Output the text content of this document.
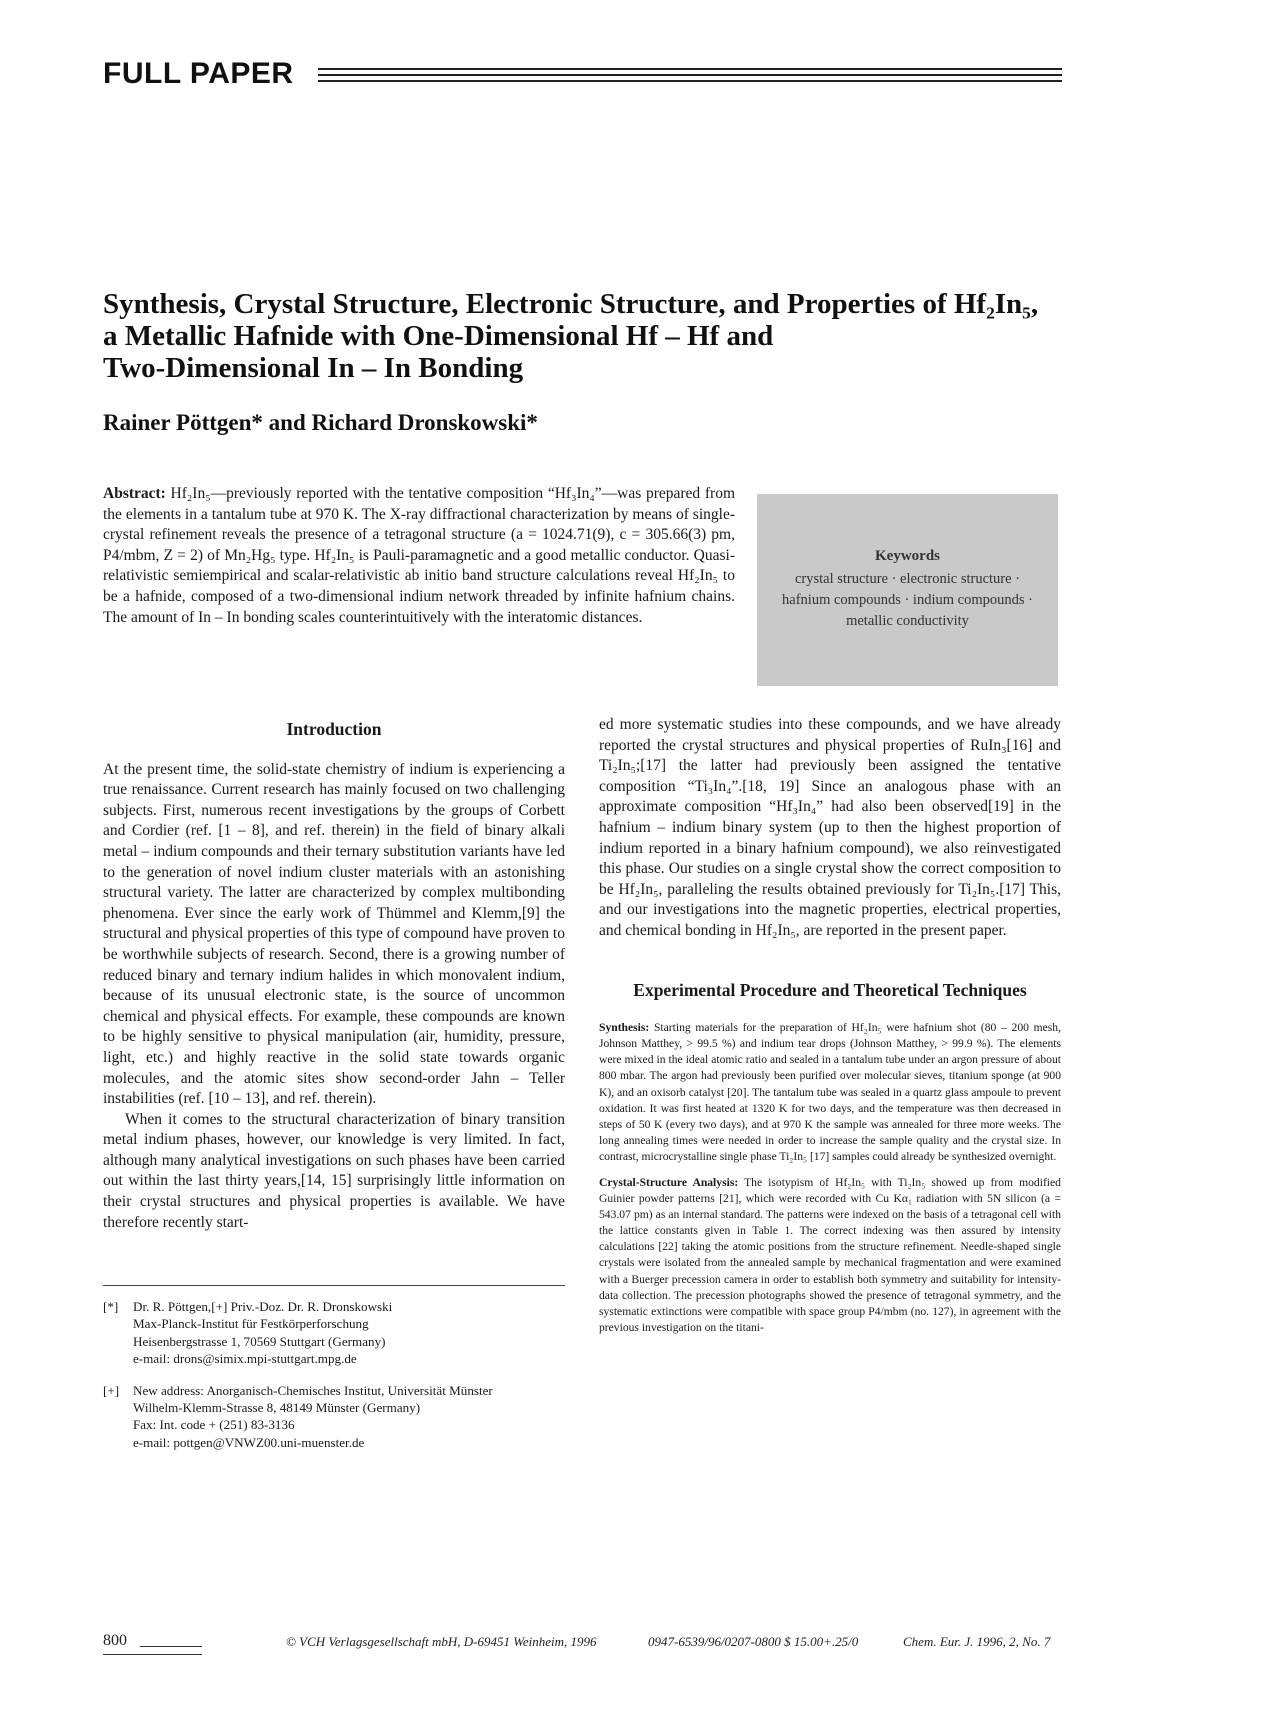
FULL PAPER
Synthesis, Crystal Structure, Electronic Structure, and Properties of Hf₂In₅,
a Metallic Hafnide with One-Dimensional Hf – Hf and
Two-Dimensional In – In Bonding
Rainer Pöttgen* and Richard Dronskowski*
Abstract: Hf₂In₅—previously reported with the tentative composition “Hf₃In₄”—was prepared from the elements in a tantalum tube at 970 K. The X-ray diffractional characterization by means of single-crystal refinement reveals the presence of a tetragonal structure (a = 1024.71(9), c = 305.66(3) pm, P4/mbm, Z = 2) of Mn₂Hg₅ type. Hf₂In₅ is Pauli-paramagnetic and a good metallic conductor. Quasi-relativistic semiempirical and scalar-relativistic ab initio band structure calculations reveal Hf₂In₅ to be a hafnide, composed of a two-dimensional indium network threaded by infinite hafnium chains. The amount of In – In bonding scales counterintuitively with the interatomic distances.
Keywords
crystal structure · electronic structure · hafnium compounds · indium compounds · metallic conductivity
Introduction

At the present time, the solid-state chemistry of indium is experiencing a true renaissance. Current research has mainly focused on two challenging subjects. First, numerous recent investigations by the groups of Corbett and Cordier (ref. [1 – 8], and ref. therein) in the field of binary alkali metal – indium compounds and their ternary substitution variants have led to the generation of novel indium cluster materials with an astonishing structural variety. The latter are characterized by complex multibonding phenomena. Ever since the early work of Thümmel and Klemm,[9] the structural and physical properties of this type of compound have proven to be worthwhile subjects of research. Second, there is a growing number of reduced binary and ternary indium halides in which monovalent indium, because of its unusual electronic state, is the source of uncommon chemical and physical effects. For example, these compounds are known to be highly sensitive to physical manipulation (air, humidity, pressure, light, etc.) and highly reactive in the solid state towards organic molecules, and the atomic sites show second-order Jahn – Teller instabilities (ref. [10 – 13], and ref. therein).

When it comes to the structural characterization of binary transition metal indium phases, however, our knowledge is very limited. In fact, although many analytical investigations on such phases have been carried out within the last thirty years,[14, 15] surprisingly little information on their crystal structures and physical properties is available. We have therefore recently start-

ed more systematic studies into these compounds, and we have already reported the crystal structures and physical properties of RuIn₃[16] and Ti₂In₅;[17] the latter had previously been assigned the tentative composition “Ti₃In₄”.[18, 19] Since an analogous phase with an approximate composition “Hf₃In₄” had also been observed[19] in the hafnium – indium binary system (up to then the highest proportion of indium reported in a binary hafnium compound), we also reinvestigated this phase. Our studies on a single crystal show the correct composition to be Hf₂In₅, paralleling the results obtained previously for Ti₂In₅.[17] This, and our investigations into the magnetic properties, electrical properties, and chemical bonding in Hf₂In₅, are reported in the present paper.

Experimental Procedure and Theoretical Techniques

Synthesis: Starting materials for the preparation of Hf₂In₅ were hafnium shot (80 – 200 mesh, Johnson Matthey, > 99.5 %) and indium tear drops (Johnson Matthey, > 99.9 %). The elements were mixed in the ideal atomic ratio and sealed in a tantalum tube under an argon pressure of about 800 mbar. The argon had previously been purified over molecular sieves, titanium sponge (at 900 K), and an oxisorb catalyst [20]. The tantalum tube was sealed in a quartz glass ampoule to prevent oxidation. It was first heated at 1320 K for two days, and the temperature was then decreased in steps of 50 K (every two days), and at 970 K the sample was annealed for three more weeks. The long annealing times were needed in order to increase the sample quality and the crystal size. In contrast, microcrystalline single phase Ti₂In₅ [17] samples could already be synthesized overnight.

Crystal-Structure Analysis: The isotypism of Hf₂In₅ with Ti₂In₅ showed up from modified Guinier powder patterns [21], which were recorded with Cu Kα₁ radiation with 5N silicon (a = 543.07 pm) as an internal standard. The patterns were indexed on the basis of a tetragonal cell with the lattice constants given in Table 1. The correct indexing was then assured by intensity calculations [22] taking the atomic positions from the structure refinement. Needle-shaped single crystals were isolated from the annealed sample by mechanical fragmentation and were examined with a Buerger precession camera in order to establish both symmetry and suitability for intensity-data collection. The precession photographs showed the presence of tetragonal symmetry, and the systematic extinctions were compatible with space group P4/mbm (no. 127), in agreement with the previous investigation on the titani-

[*] Dr. R. Pöttgen,[+] Priv.-Doz. Dr. R. Dronskowski
Max-Planck-Institut für Festkörperforschung
Heisenbergstrasse 1, 70569 Stuttgart (Germany)
e-mail: drons@simix.mpi-stuttgart.mpg.de
[+] New address: Anorganisch-Chemisches Institut, Universität Münster
Wilhelm-Klemm-Strasse 8, 48149 Münster (Germany)
Fax: Int. code + (251) 83-3136
e-mail: pottgen@VNWZ00.uni-muenster.de
800	© VCH Verlagsgesellschaft mbH, D-69451 Weinheim, 1996	0947-6539/96/0207-0800 $ 15.00+.25/0	Chem. Eur. J. 1996, 2, No. 7
